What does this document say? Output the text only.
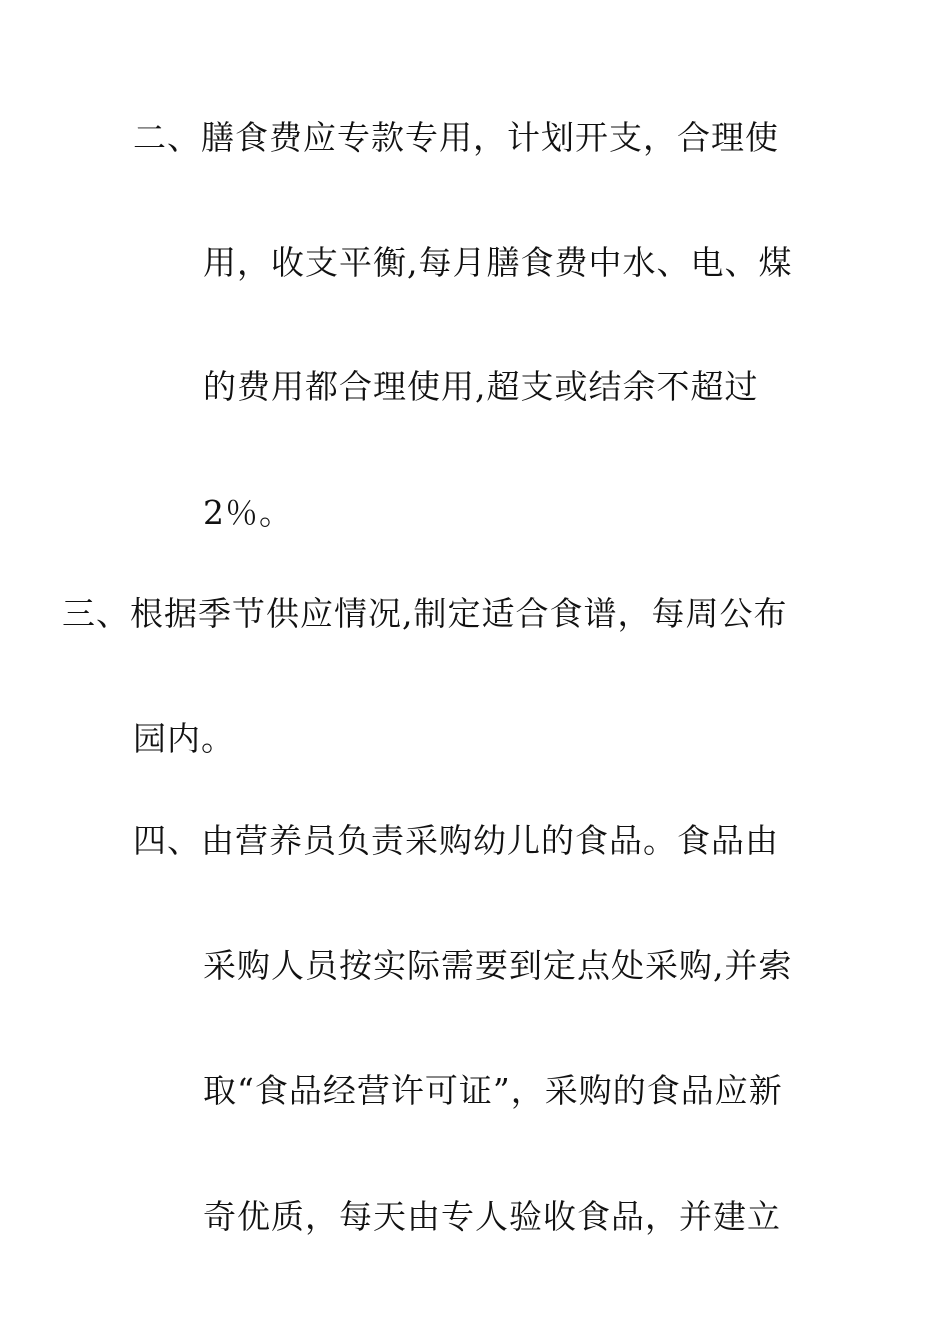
二、膳食费应专款专用，计划开支，合理使
用，收支平衡,每月膳食费中水、电、煤
的费用都合理使用,超支或结余不超过
2％。
三、根据季节供应情况,制定适合食谱，每周公布
园内。
四、由营养员负责采购幼儿的食品。食品由
采购人员按实际需要到定点处采购,并索
取“食品经营许可证”，采购的食品应新
奇优质，每天由专人验收食品，并建立
